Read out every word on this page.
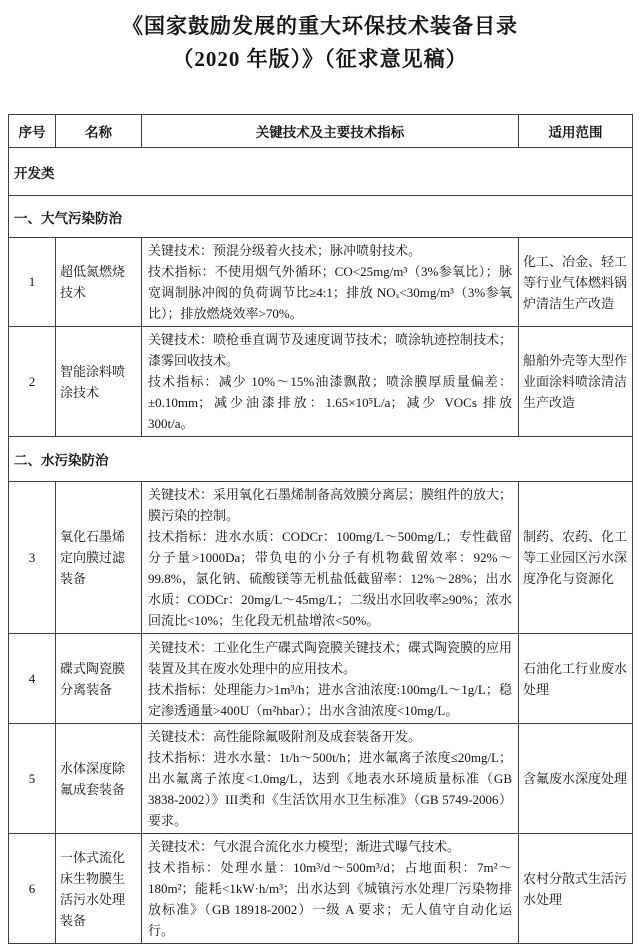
《国家鼓励发展的重大环保技术装备目录
（2020 年版）》（征求意见稿）
序号	名称	关键技术及主要技术指标	适用范围
开发类			
一、大气污染防治			
1	超低氮燃烧技术	关键技术：预混分级着火技术；脉冲喷射技术。
技术指标：不使用烟气外循环；CO<25mg/m³（3%参氧比）；脉宽调制脉冲阀的负荷调节比≥4:1；排放 NOₓ<30mg/m³（3%参氧比）；排放燃烧效率>70%。	化工、冶金、轻工等行业气体燃料锅炉清洁生产改造
2	智能涂料喷涂技术	关键技术：喷枪垂直调节及速度调节技术；喷涂轨迹控制技术；漆雾回收技术。
技术指标：减少 10%～15%油漆飘散；喷涂膜厚质量偏差：±0.10mm；减少油漆排放：1.65×10⁵L/a；减少 VOCs 排放 300t/a。	船舶外壳等大型作业面涂料喷涂清洁生产改造
二、水污染防治			
3	氧化石墨烯定向膜过滤装备	关键技术：采用氧化石墨烯制备高效膜分离层；膜组件的放大；膜污染的控制。
技术指标：进水水质：CODCr：100mg/L～500mg/L；专性截留分子量>1000Da；带负电的小分子有机物截留效率：92%～99.8%，氯化钠、硫酸镁等无机盐低截留率：12%～28%；出水水质：CODCr：20mg/L～45mg/L；二级出水回收率≥90%；浓水回流比<10%；生化段无机盐增浓<50%。	制药、农药、化工等工业园区污水深度净化与资源化
4	碟式陶瓷膜分离装备	关键技术：工业化生产碟式陶瓷膜关键技术；碟式陶瓷膜的应用装置及其在废水处理中的应用技术。
技术指标：处理能力>1m³/h；进水含油浓度:100mg/L～1g/L；稳定渗透通量>400U（m²hbar）；出水含油浓度<10mg/L。	石油化工行业废水处理
5	水体深度除氟成套装备	关键技术：高性能除氟吸附剂及成套装备开发。
技术指标：进水水量：1t/h～500t/h；进水氟离子浓度≤20mg/L；出水氟离子浓度<1.0mg/L，达到《地表水环境质量标准（GB 3838-2002）》III类和《生活饮用水卫生标准》（GB 5749-2006）要求。	含氟废水深度处理
6	一体式流化床生物膜生活污水处理装备	关键技术：气水混合流化水力模型；渐进式曝气技术。
技术指标：处理水量：10m³/d～500m³/d；占地面积：7m²～180m²；能耗<1kW·h/m³；出水达到《城镇污水处理厂污染物排放标准》（GB 18918-2002）一级 A 要求；无人值守自动化运行。	农村分散式生活污水处理
